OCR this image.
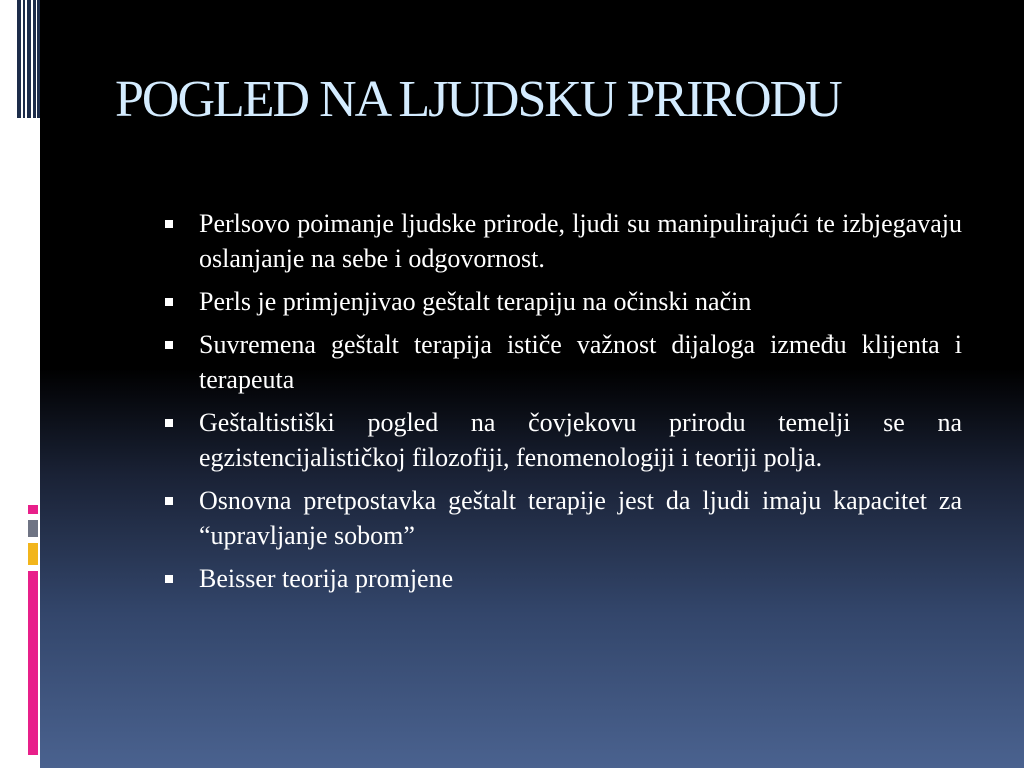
POGLED NA LJUDSKU PRIRODU
Perlsovo poimanje ljudske prirode, ljudi su manipulirajući te izbjegavaju oslanjanje na sebe i odgovornost.
Perls je primjenjivao geštalt terapiju na očinski način
Suvremena geštalt terapija ističe važnost dijaloga između klijenta i terapeuta
Geštaltistiški pogled na čovjekovu prirodu temelji se na egzistencijalističkoj filozofiji, fenomenologiji i teoriji polja.
Osnovna pretpostavka geštalt terapije jest da ljudi imaju kapacitet za “upravljanje sobom”
Beisser teorija promjene
